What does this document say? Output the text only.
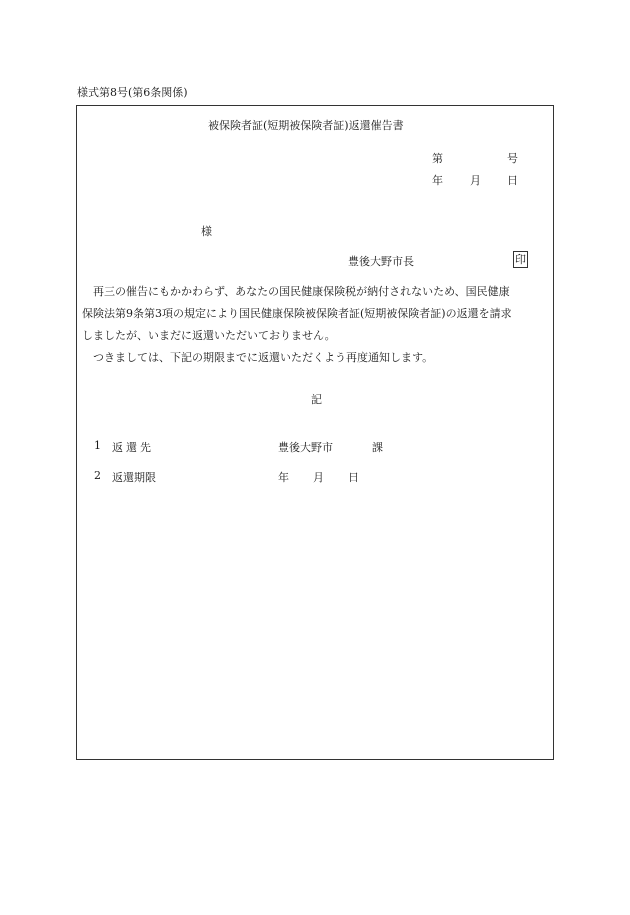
様式第8号(第6条関係)
被保険者証(短期被保険者証)返還催告書
第	号
年 月 日
様
豊後大野市長	印

　再三の催告にもかかわらず、あなたの国民健康保険税が納付されないため、国民健康

保険法第9条第3項の規定により国民健康保険被保険者証(短期被保険者証)の返還を請求

しましたが、いまだに返還いただいておりません。

　つきましては、下記の期限までに返還いただくよう再度通知します。

記
1 返還先	豊後大野市	課
2 返還期限	年 月 日
